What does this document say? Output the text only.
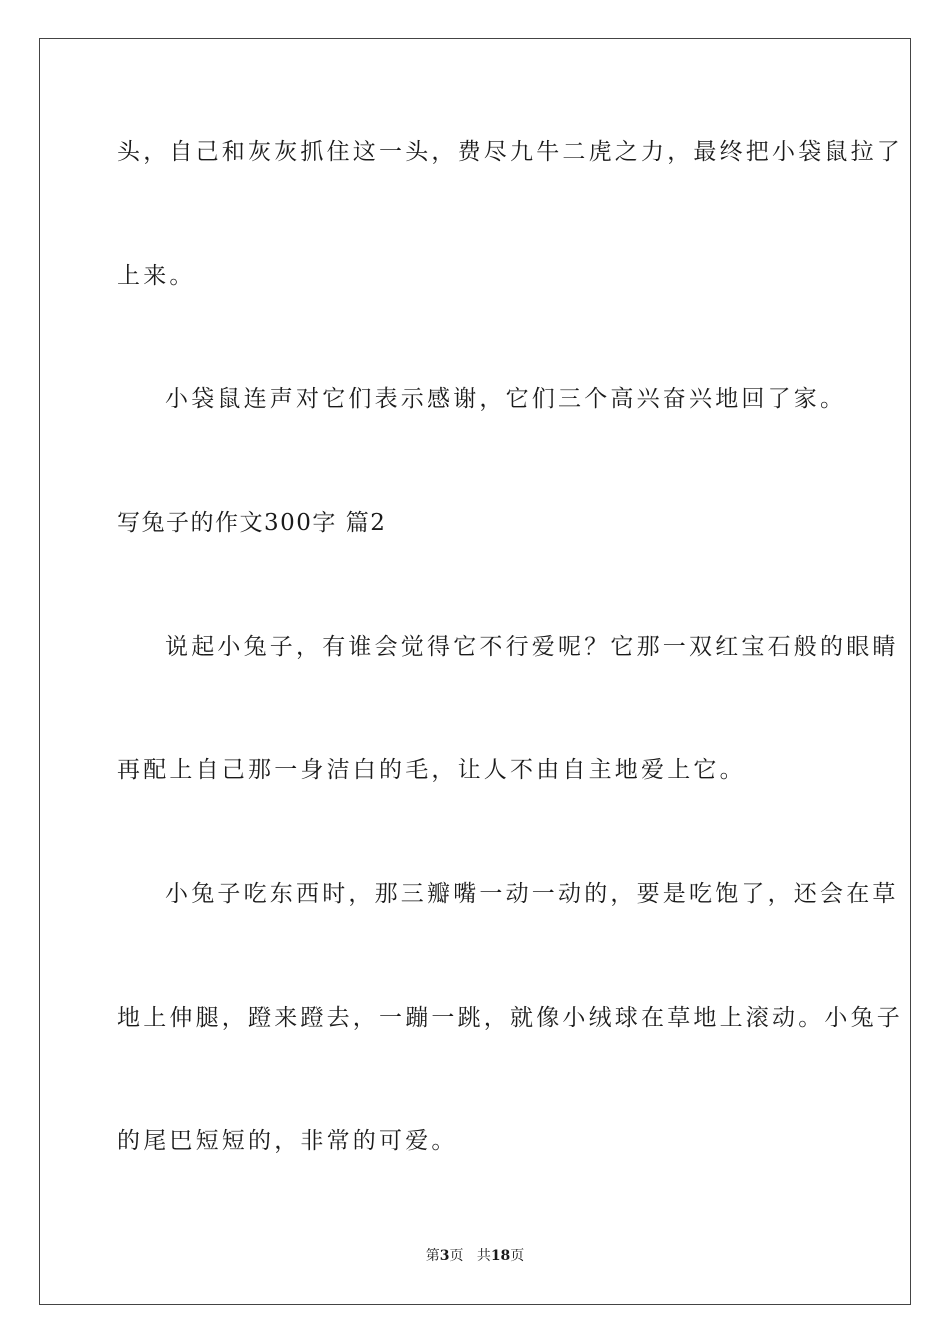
头，自己和灰灰抓住这一头，费尽九牛二虎之力，最终把小袋鼠拉了
上来。
小袋鼠连声对它们表示感谢，它们三个高兴奋兴地回了家。
写兔子的作文300字 篇2
说起小兔子，有谁会觉得它不行爱呢？它那一双红宝石般的眼睛
再配上自己那一身洁白的毛，让人不由自主地爱上它。
小兔子吃东西时，那三瓣嘴一动一动的，要是吃饱了，还会在草
地上伸腿，蹬来蹬去，一蹦一跳，就像小绒球在草地上滚动。小兔子
的尾巴短短的，非常的可爱。
第3页 共18页
